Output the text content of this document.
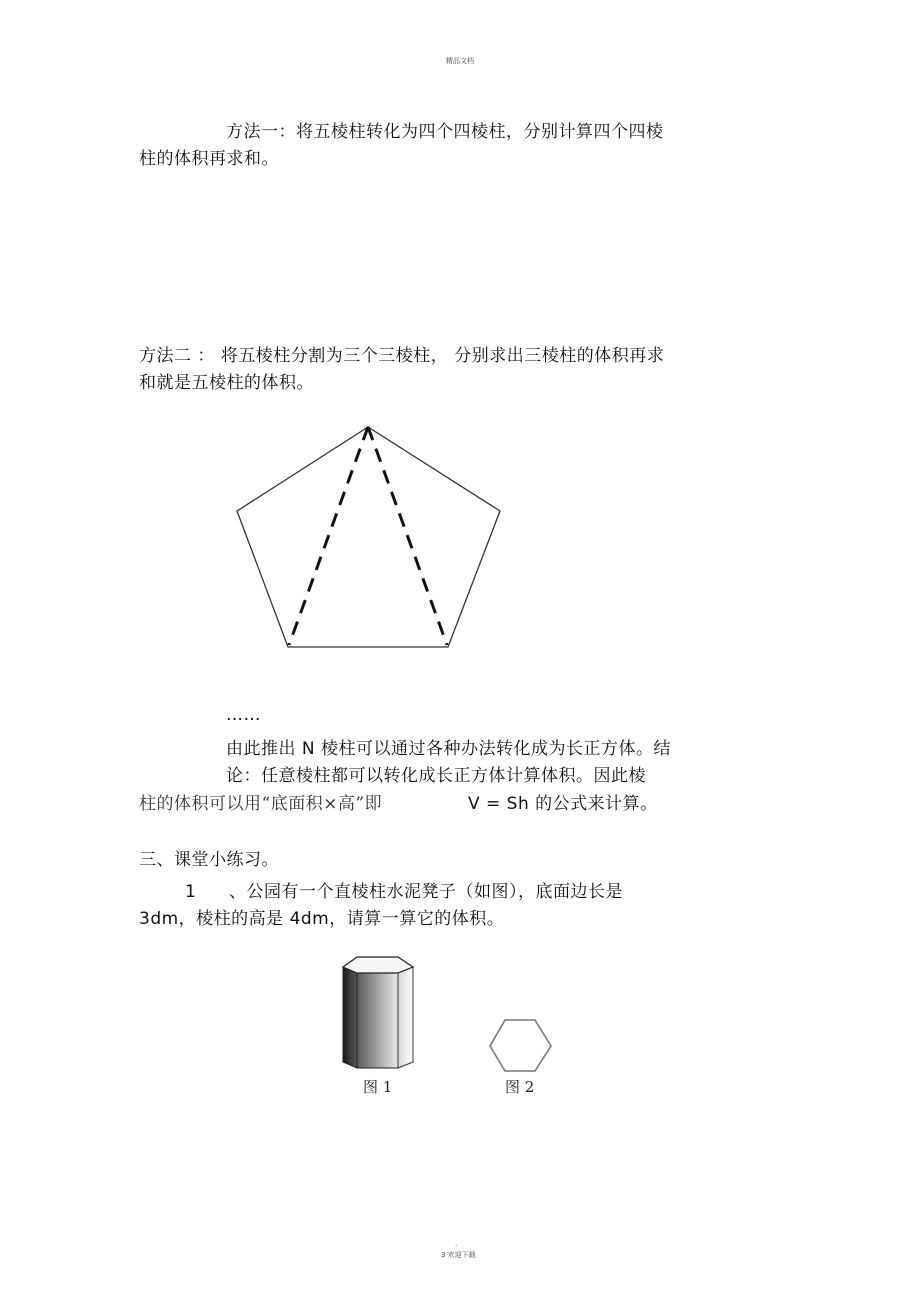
精品文档
方法一：将五棱柱转化为四个四棱柱，分别计算四个四棱
柱的体积再求和。
方法二 ： 将五棱柱分割为三个三棱柱， 分别求出三棱柱的体积再求
和就是五棱柱的体积。
……
由此推出 N 棱柱可以通过各种办法转化成为长正方体。结
论：任意棱柱都可以转化成长正方体计算体积。因此棱
柱的体积可以用“底面积×高”即	V = Sh 的公式来计算。
三、课堂小练习。
1 、公园有一个直棱柱水泥凳子（如图），底面边长是
3dm，棱柱的高是 4dm，请算一算它的体积。
图 1	图 2
.
3 欢迎下载
